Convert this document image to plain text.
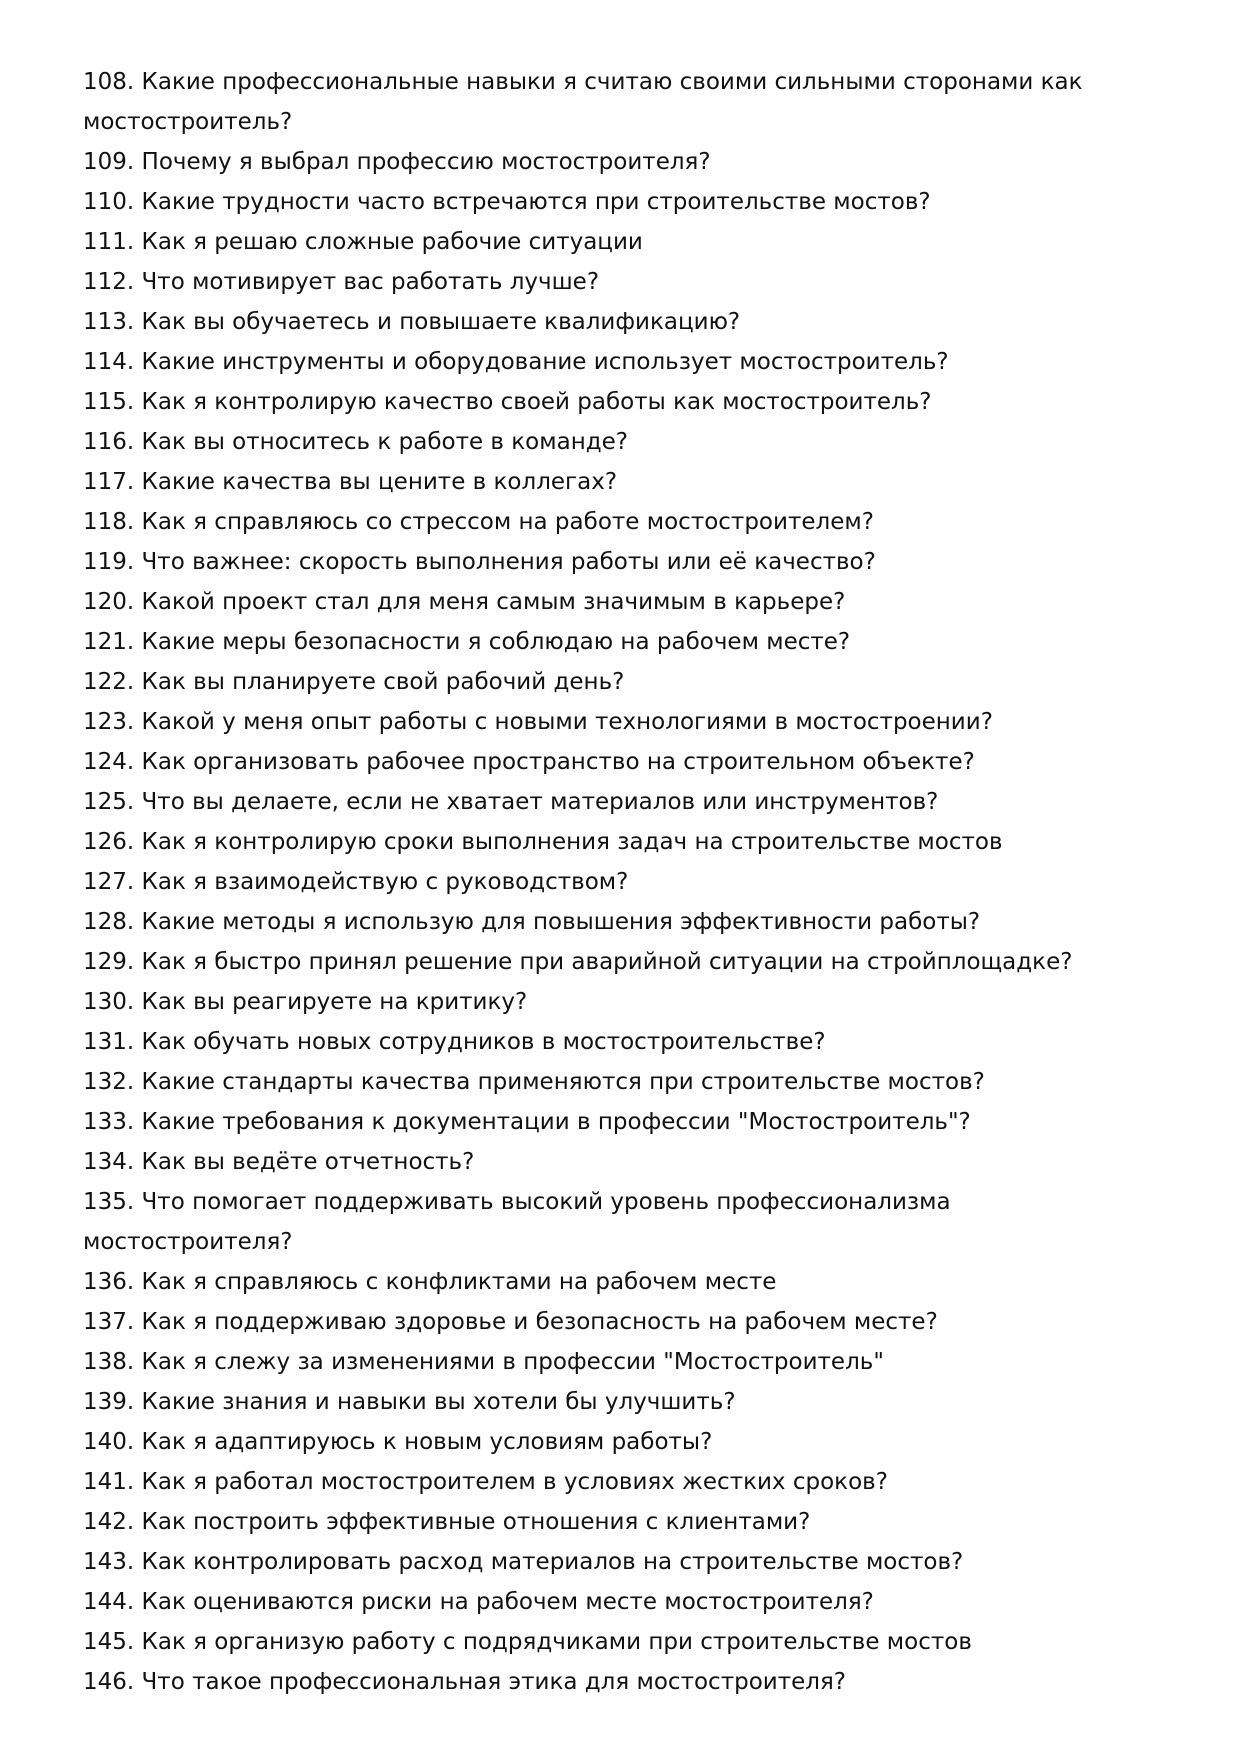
108. Какие профессиональные навыки я считаю своими сильными сторонами как мостостроитель?
109. Почему я выбрал профессию мостостроителя?
110. Какие трудности часто встречаются при строительстве мостов?
111. Как я решаю сложные рабочие ситуации
112. Что мотивирует вас работать лучше?
113. Как вы обучаетесь и повышаете квалификацию?
114. Какие инструменты и оборудование использует мостостроитель?
115. Как я контролирую качество своей работы как мостостроитель?
116. Как вы относитесь к работе в команде?
117. Какие качества вы цените в коллегах?
118. Как я справляюсь со стрессом на работе мостостроителем?
119. Что важнее: скорость выполнения работы или её качество?
120. Какой проект стал для меня самым значимым в карьере?
121. Какие меры безопасности я соблюдаю на рабочем месте?
122. Как вы планируете свой рабочий день?
123. Какой у меня опыт работы с новыми технологиями в мостостроении?
124. Как организовать рабочее пространство на строительном объекте?
125. Что вы делаете, если не хватает материалов или инструментов?
126. Как я контролирую сроки выполнения задач на строительстве мостов
127. Как я взаимодействую с руководством?
128. Какие методы я использую для повышения эффективности работы?
129. Как я быстро принял решение при аварийной ситуации на стройплощадке?
130. Как вы реагируете на критику?
131. Как обучать новых сотрудников в мостостроительстве?
132. Какие стандарты качества применяются при строительстве мостов?
133. Какие требования к документации в профессии "Мостостроитель"?
134. Как вы ведёте отчетность?
135. Что помогает поддерживать высокий уровень профессионализма мостостроителя?
136. Как я справляюсь с конфликтами на рабочем месте
137. Как я поддерживаю здоровье и безопасность на рабочем месте?
138. Как я слежу за изменениями в профессии "Мостостроитель"
139. Какие знания и навыки вы хотели бы улучшить?
140. Как я адаптируюсь к новым условиям работы?
141. Как я работал мостостроителем в условиях жестких сроков?
142. Как построить эффективные отношения с клиентами?
143. Как контролировать расход материалов на строительстве мостов?
144. Как оцениваются риски на рабочем месте мостостроителя?
145. Как я организую работу с подрядчиками при строительстве мостов
146. Что такое профессиональная этика для мостостроителя?
